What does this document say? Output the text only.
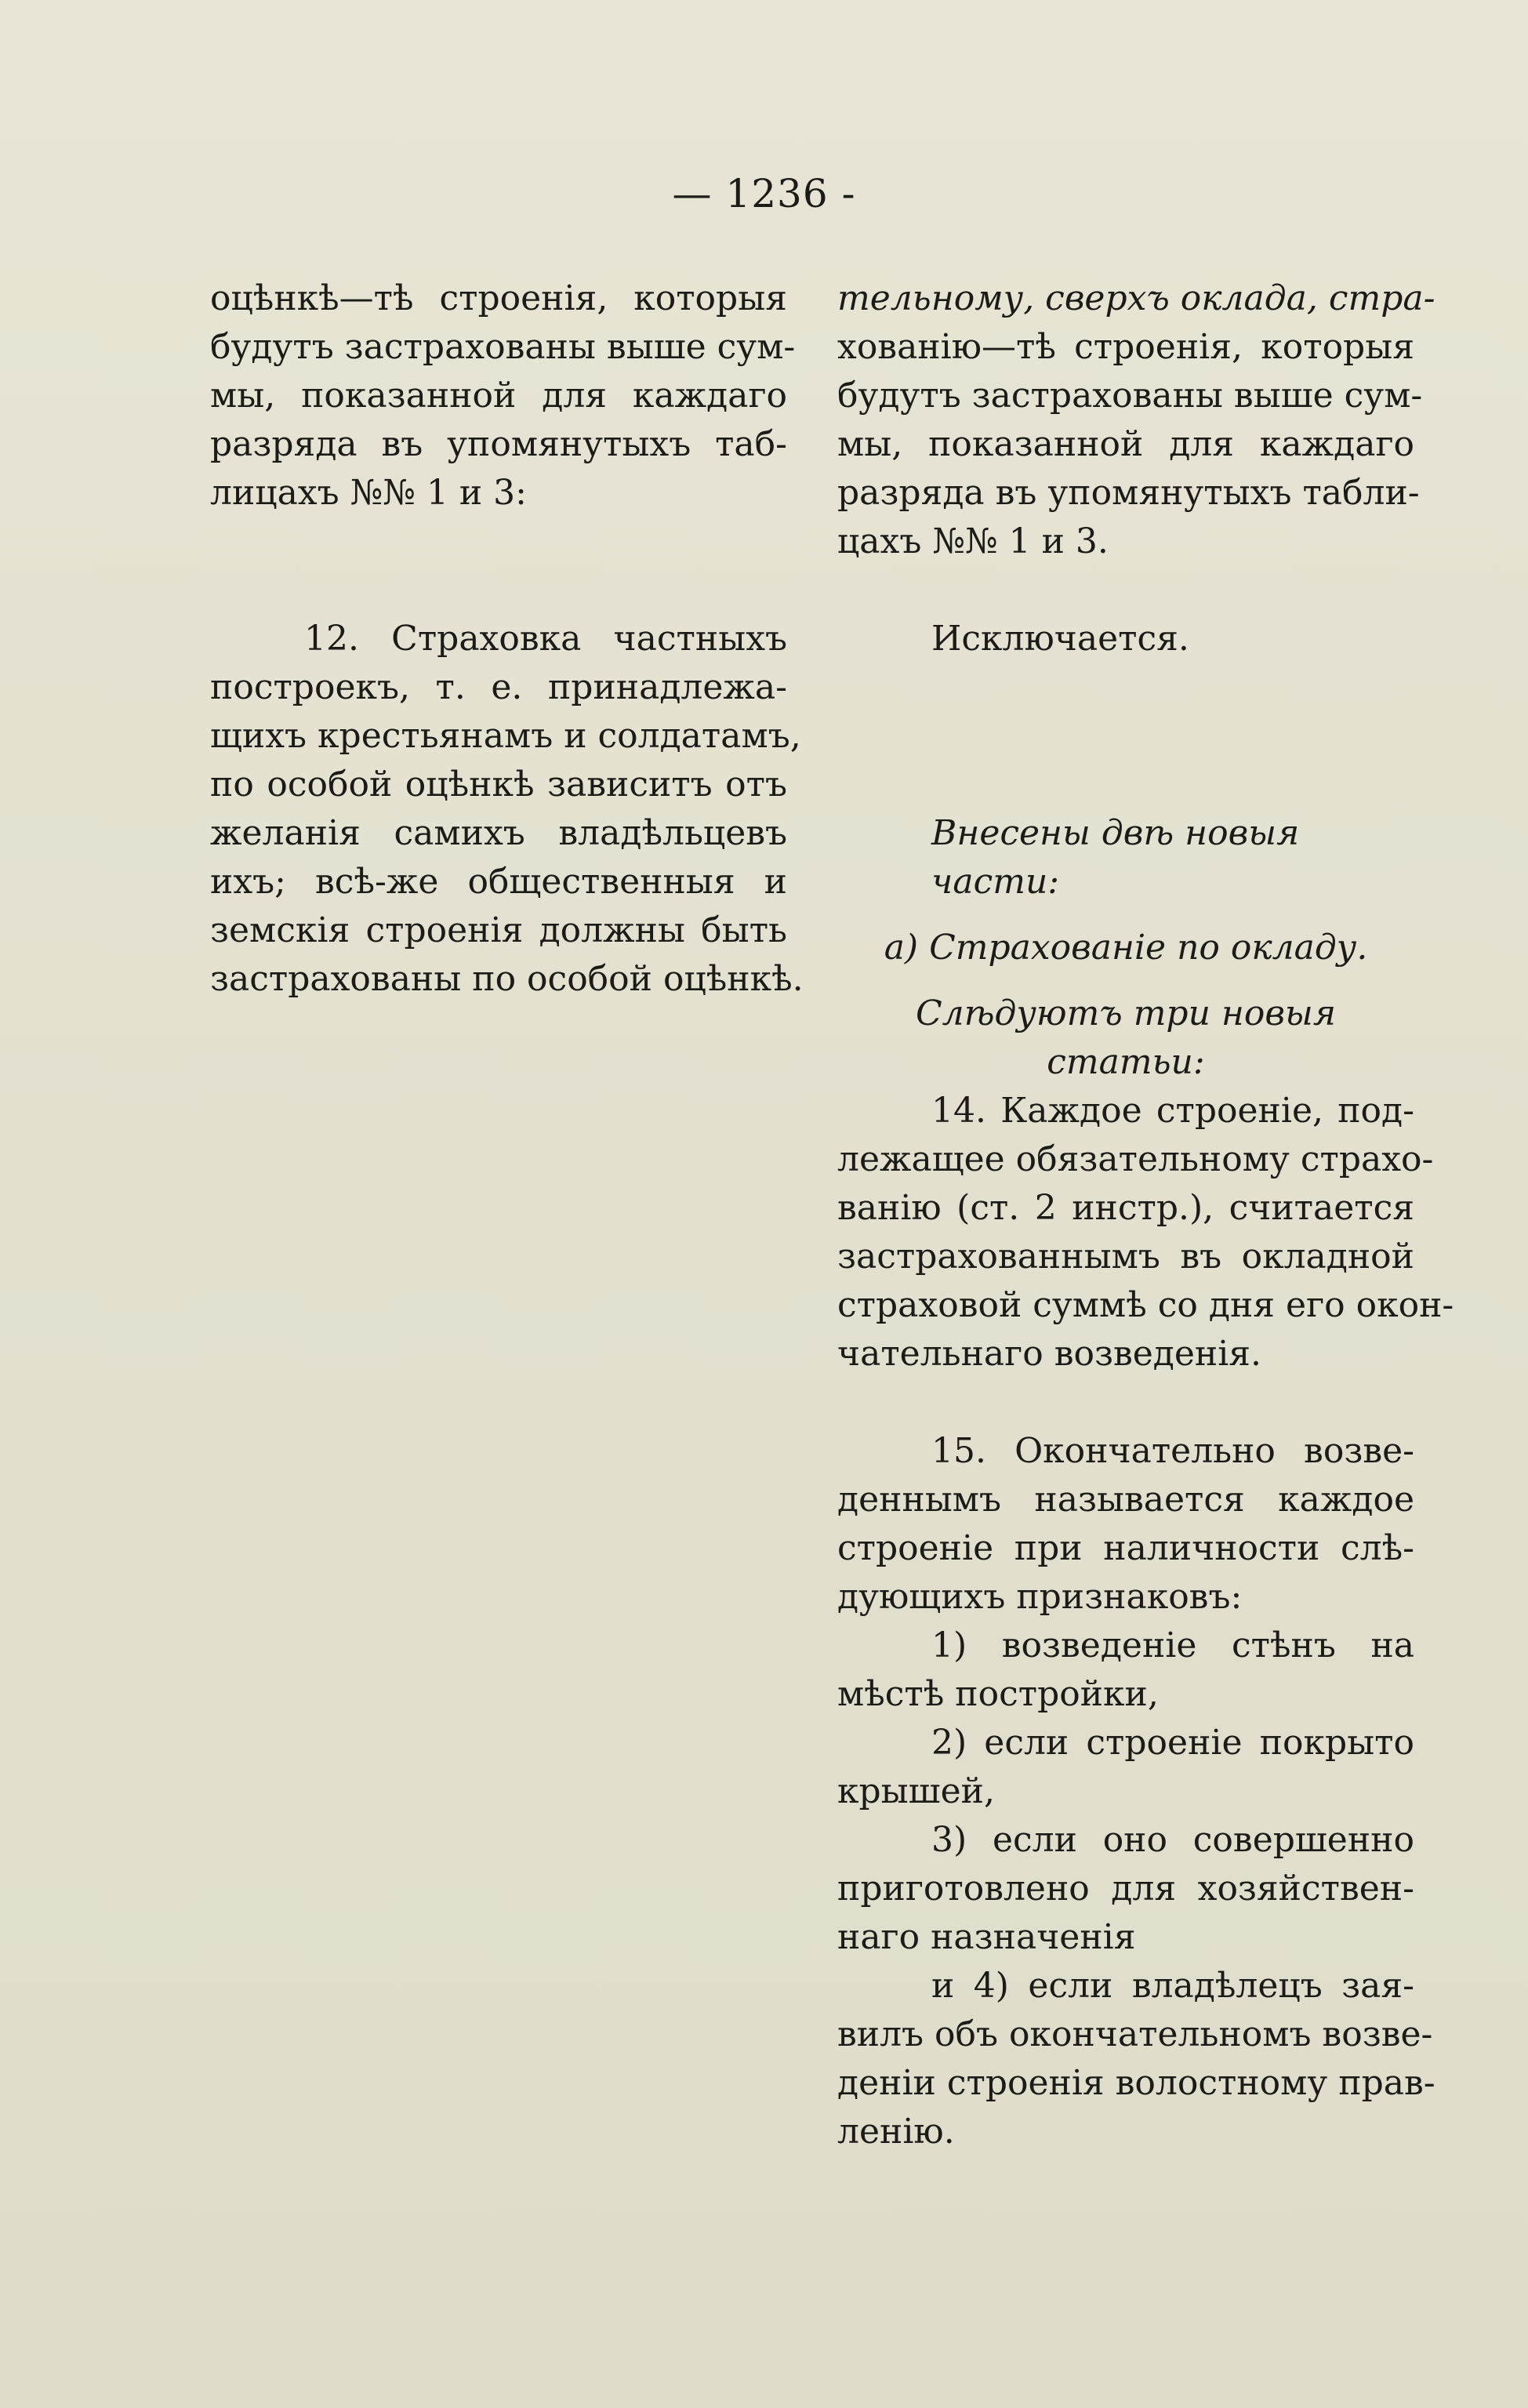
— 1236 -
оцѣнкѣ—тѣ строенія, которыя
будутъ застрахованы выше сум-
мы, показанной для каждаго
разряда въ упомянутыхъ таб-
лицахъ №№ 1 и 3:
12. Страховка частныхъ
построекъ, т. е. принадлежа-
щихъ крестьянамъ и солдатамъ,
по особой оцѣнкѣ зависитъ отъ
желанія самихъ владѣльцевъ
ихъ; всѣ-же общественныя и
земскія строенія должны быть
застрахованы по особой оцѣнкѣ.
тельному, сверхъ оклада, стра-
хованію—тѣ строенія, которыя
будутъ застрахованы выше сум-
мы, показанной для каждаго
разряда въ упомянутыхъ табли-
цахъ №№ 1 и 3.
Исключается.
Внесены двѣ новыя части:
а) Страхованіе по окладу.
Слѣдуютъ три новыя статьи:
14. Каждое строеніе, под-
лежащее обязательному страхо-
ванію (ст. 2 инстр.), считается
застрахованнымъ въ окладной
страховой суммѣ со дня его окон-
чательнаго возведенія.
15. Окончательно возве-
деннымъ называется каждое
строеніе при наличности слѣ-
дующихъ признаковъ:
1) возведеніе стѣнъ на
мѣстѣ постройки,
2) если строеніе покрыто
крышей,
3) если оно совершенно
приготовлено для хозяйствен-
наго назначенія
и 4) если владѣлецъ зая-
вилъ объ окончательномъ возве-
деніи строенія волостному прав-
ленію.
